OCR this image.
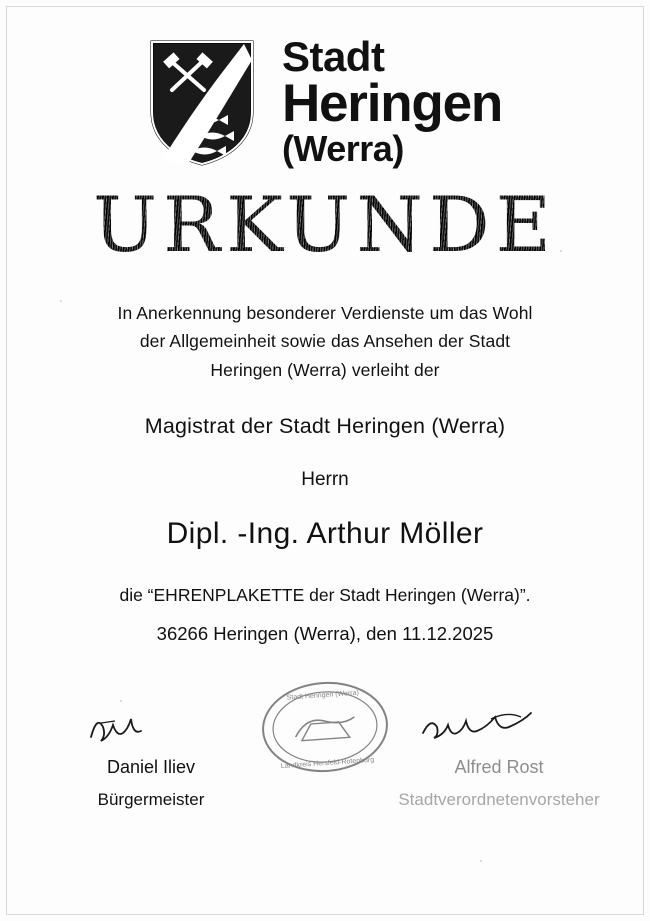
Stadt
Heringen
(Werra)
URKUNDE
In Anerkennung besonderer Verdienste um das Wohl
der Allgemeinheit sowie das Ansehen der Stadt
Heringen (Werra) verleiht der
Magistrat der Stadt Heringen (Werra)
Herrn
Dipl. -Ing. Arthur Möller
die “EHRENPLAKETTE der Stadt Heringen (Werra)”.
36266 Heringen (Werra), den 11.12.2025
Stadt Heringen (Werra)
Landkreis Hersfeld-Rotenburg
Daniel Iliev
Bürgermeister
Alfred Rost
Stadtverordnetenvorsteher
